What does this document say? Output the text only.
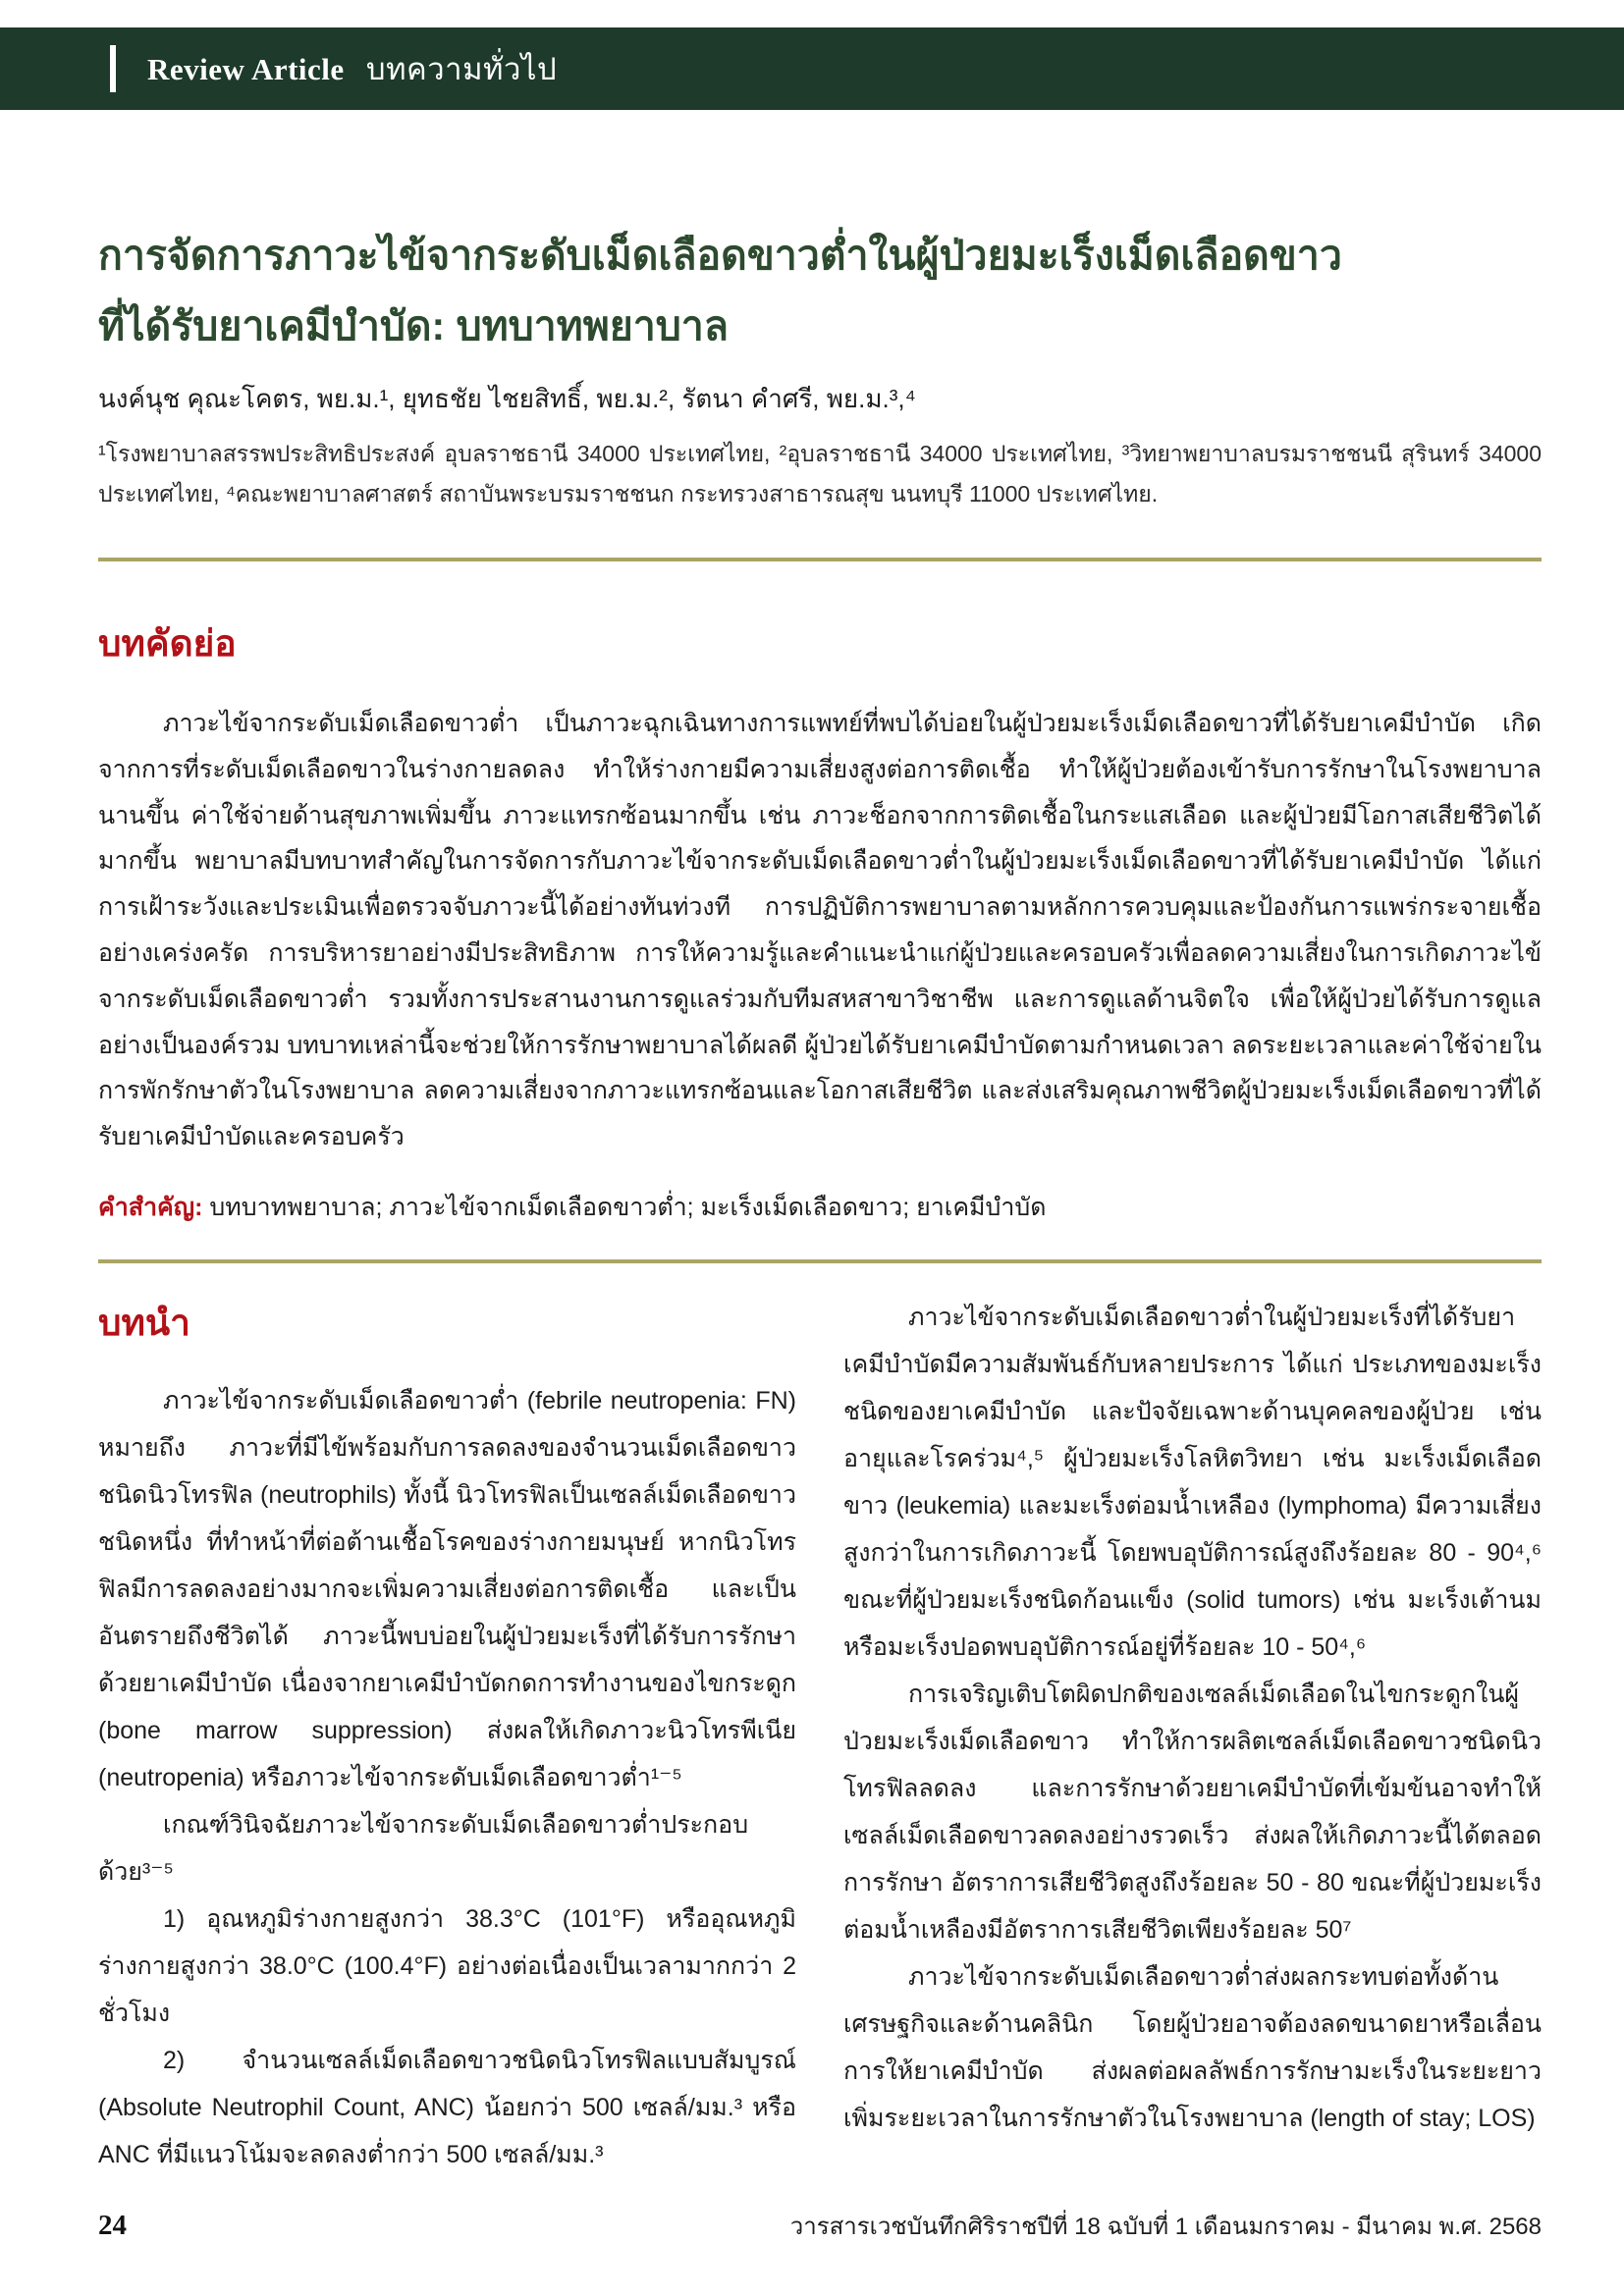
Review Article บทความทั่วไป
การจัดการภาวะไข้จากระดับเม็ดเลือดขาวต่ำในผู้ป่วยมะเร็งเม็ดเลือดขาว
ที่ได้รับยาเคมีบำบัด: บทบาทพยาบาล
นงค์นุช คุณะโคตร, พย.ม.¹, ยุทธชัย ไชยสิทธิ์, พย.ม.², รัตนา คำศรี, พย.ม.³,⁴
¹โรงพยาบาลสรรพประสิทธิประสงค์ อุบลราชธานี 34000 ประเทศไทย, ²อุบลราชธานี 34000 ประเทศไทย, ³วิทยาพยาบาลบรมราชชนนี สุรินทร์ 34000 ประเทศไทย, ⁴คณะพยาบาลศาสตร์ สถาบันพระบรมราชชนก กระทรวงสาธารณสุข นนทบุรี 11000 ประเทศไทย.
บทคัดย่อ

ภาวะไข้จากระดับเม็ดเลือดขาวต่ำ เป็นภาวะฉุกเฉินทางการแพทย์ที่พบได้บ่อยในผู้ป่วยมะเร็งเม็ดเลือดขาวที่ได้รับยาเคมีบำบัด เกิดจากการที่ระดับเม็ดเลือดขาวในร่างกายลดลง ทำให้ร่างกายมีความเสี่ยงสูงต่อการติดเชื้อ ทำให้ผู้ป่วยต้องเข้ารับการรักษาในโรงพยาบาลนานขึ้น ค่าใช้จ่ายด้านสุขภาพเพิ่มขึ้น ภาวะแทรกซ้อนมากขึ้น เช่น ภาวะช็อกจากการติดเชื้อในกระแสเลือด และผู้ป่วยมีโอกาสเสียชีวิตได้มากขึ้น พยาบาลมีบทบาทสำคัญในการจัดการกับภาวะไข้จากระดับเม็ดเลือดขาวต่ำในผู้ป่วยมะเร็งเม็ดเลือดขาวที่ได้รับยาเคมีบำบัด ได้แก่ การเฝ้าระวังและประเมินเพื่อตรวจจับภาวะนี้ได้อย่างทันท่วงที การปฏิบัติการพยาบาลตามหลักการควบคุมและป้องกันการแพร่กระจายเชื้ออย่างเคร่งครัด การบริหารยาอย่างมีประสิทธิภาพ การให้ความรู้และคำแนะนำแก่ผู้ป่วยและครอบครัวเพื่อลดความเสี่ยงในการเกิดภาวะไข้จากระดับเม็ดเลือดขาวต่ำ รวมทั้งการประสานงานการดูแลร่วมกับทีมสหสาขาวิชาชีพ และการดูแลด้านจิตใจ เพื่อให้ผู้ป่วยได้รับการดูแลอย่างเป็นองค์รวม บทบาทเหล่านี้จะช่วยให้การรักษาพยาบาลได้ผลดี ผู้ป่วยได้รับยาเคมีบำบัดตามกำหนดเวลา ลดระยะเวลาและค่าใช้จ่ายในการพักรักษาตัวในโรงพยาบาล ลดความเสี่ยงจากภาวะแทรกซ้อนและโอกาสเสียชีวิต และส่งเสริมคุณภาพชีวิตผู้ป่วยมะเร็งเม็ดเลือดขาวที่ได้รับยาเคมีบำบัดและครอบครัว

คำสำคัญ: บทบาทพยาบาล; ภาวะไข้จากเม็ดเลือดขาวต่ำ; มะเร็งเม็ดเลือดขาว; ยาเคมีบำบัด
บทนำ

ภาวะไข้จากระดับเม็ดเลือดขาวต่ำ (febrile neutropenia: FN) หมายถึง ภาวะที่มีไข้พร้อมกับการลดลงของจำนวนเม็ดเลือดขาวชนิดนิวโทรฟิล (neutrophils) ทั้งนี้ นิวโทรฟิลเป็นเซลล์เม็ดเลือดขาวชนิดหนึ่ง ที่ทำหน้าที่ต่อต้านเชื้อโรคของร่างกายมนุษย์ หากนิวโทรฟิลมีการลดลงอย่างมากจะเพิ่มความเสี่ยงต่อการติดเชื้อ และเป็นอันตรายถึงชีวิตได้ ภาวะนี้พบบ่อยในผู้ป่วยมะเร็งที่ได้รับการรักษาด้วยยาเคมีบำบัด เนื่องจากยาเคมีบำบัดกดการทำงานของไขกระดูก (bone marrow suppression) ส่งผลให้เกิดภาวะนิวโทรพีเนีย (neutropenia) หรือภาวะไข้จากระดับเม็ดเลือดขาวต่ำ¹⁻⁵

เกณฑ์วินิจฉัยภาวะไข้จากระดับเม็ดเลือดขาวต่ำประกอบด้วย³⁻⁵

1) อุณหภูมิร่างกายสูงกว่า 38.3°C (101°F) หรืออุณหภูมิร่างกายสูงกว่า 38.0°C (100.4°F) อย่างต่อเนื่องเป็นเวลามากกว่า 2 ชั่วโมง

2) จำนวนเซลล์เม็ดเลือดขาวชนิดนิวโทรฟิลแบบสัมบูรณ์ (Absolute Neutrophil Count, ANC) น้อยกว่า 500 เซลล์/มม.³ หรือ ANC ที่มีแนวโน้มจะลดลงต่ำกว่า 500 เซลล์/มม.³

ภาวะไข้จากระดับเม็ดเลือดขาวต่ำในผู้ป่วยมะเร็งที่ได้รับยาเคมีบำบัดมีความสัมพันธ์กับหลายประการ ได้แก่ ประเภทของมะเร็ง ชนิดของยาเคมีบำบัด และปัจจัยเฉพาะด้านบุคคลของผู้ป่วย เช่น อายุและโรคร่วม⁴,⁵ ผู้ป่วยมะเร็งโลหิตวิทยา เช่น มะเร็งเม็ดเลือดขาว (leukemia) และมะเร็งต่อมน้ำเหลือง (lymphoma) มีความเสี่ยงสูงกว่าในการเกิดภาวะนี้ โดยพบอุบัติการณ์สูงถึงร้อยละ 80 - 90⁴,⁶ ขณะที่ผู้ป่วยมะเร็งชนิดก้อนแข็ง (solid tumors) เช่น มะเร็งเต้านม หรือมะเร็งปอดพบอุบัติการณ์อยู่ที่ร้อยละ 10 - 50⁴,⁶

การเจริญเติบโตผิดปกติของเซลล์เม็ดเลือดในไขกระดูกในผู้ป่วยมะเร็งเม็ดเลือดขาว ทำให้การผลิตเซลล์เม็ดเลือดขาวชนิดนิวโทรฟิลลดลง และการรักษาด้วยยาเคมีบำบัดที่เข้มข้นอาจทำให้เซลล์เม็ดเลือดขาวลดลงอย่างรวดเร็ว ส่งผลให้เกิดภาวะนี้ได้ตลอดการรักษา อัตราการเสียชีวิตสูงถึงร้อยละ 50 - 80 ขณะที่ผู้ป่วยมะเร็งต่อมน้ำเหลืองมีอัตราการเสียชีวิตเพียงร้อยละ 50⁷

ภาวะไข้จากระดับเม็ดเลือดขาวต่ำส่งผลกระทบต่อทั้งด้านเศรษฐกิจและด้านคลินิก โดยผู้ป่วยอาจต้องลดขนาดยาหรือเลื่อนการให้ยาเคมีบำบัด ส่งผลต่อผลลัพธ์การรักษามะเร็งในระยะยาว เพิ่มระยะเวลาในการรักษาตัวในโรงพยาบาล (length of stay; LOS)

24	วารสารเวชบันทึกศิริราชปีที่ 18 ฉบับที่ 1 เดือนมกราคม - มีนาคม พ.ศ. 2568
